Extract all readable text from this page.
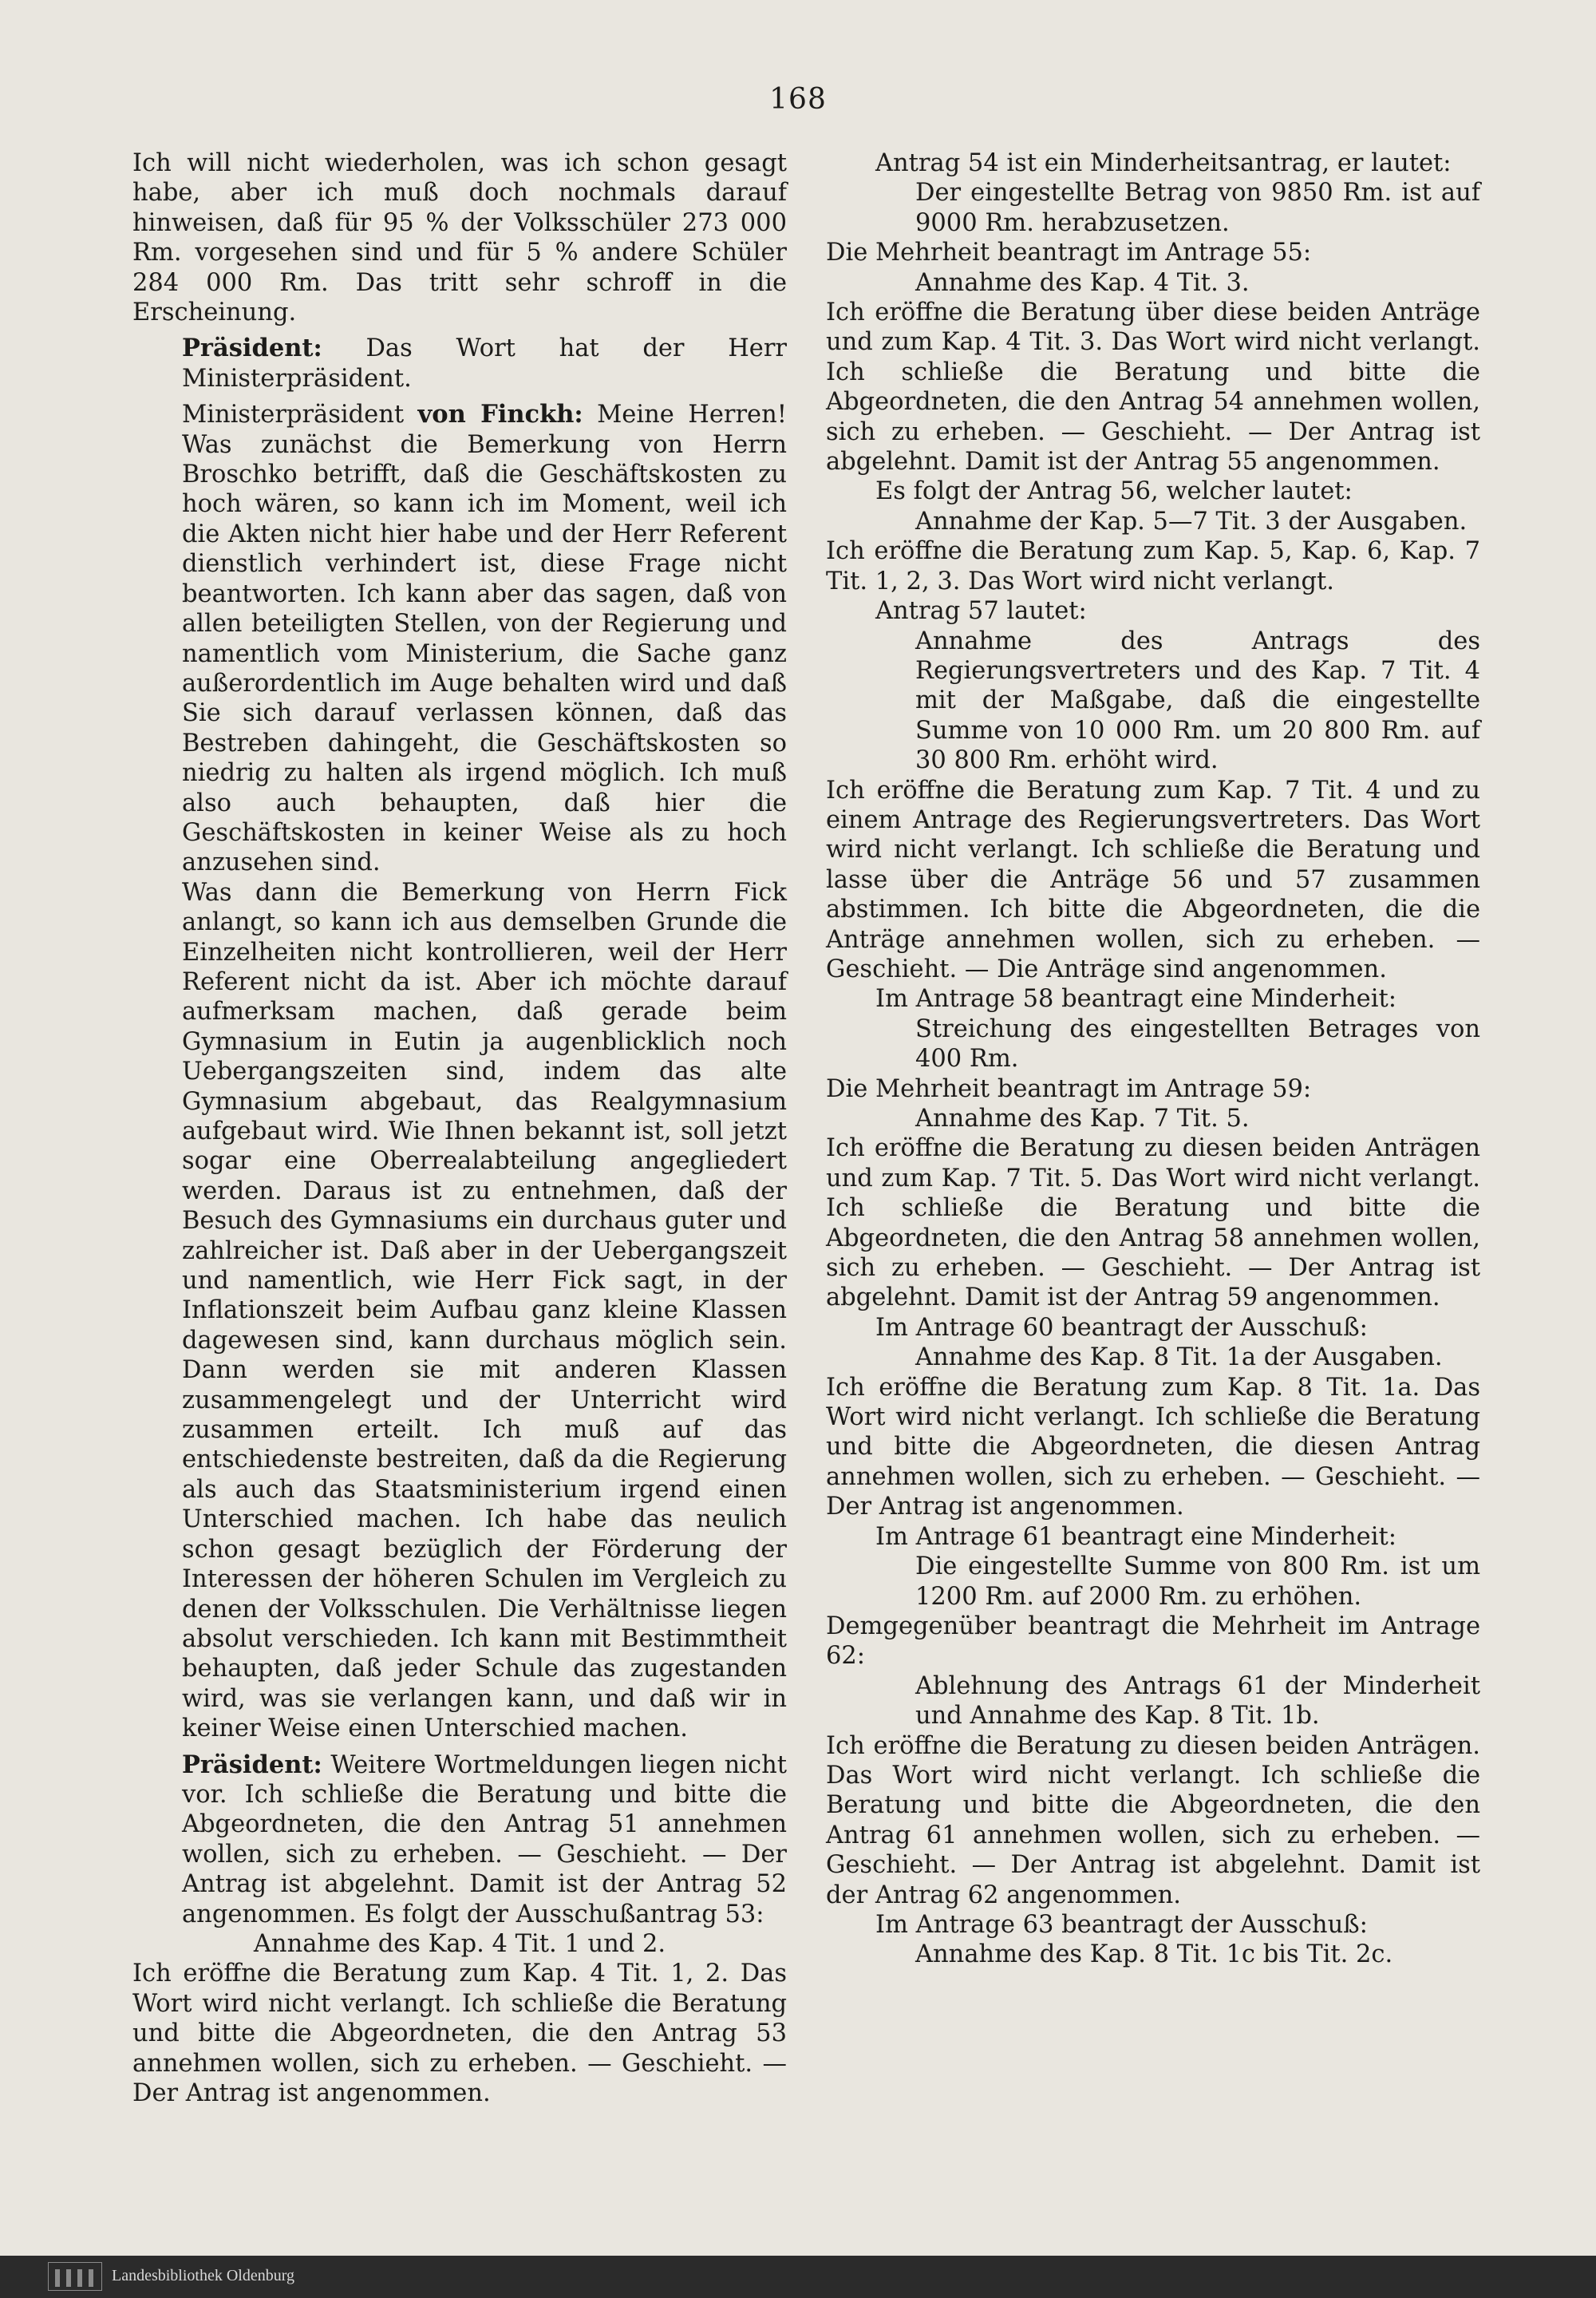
168

Ich will nicht wiederholen, was ich schon gesagt habe, aber ich muß doch nochmals darauf hinweisen, daß für 95 % der Volksschüler 273 000 Rm. vorgesehen sind und für 5 % andere Schüler 284 000 Rm. Das tritt sehr schroff in die Erscheinung.

Präsident: Das Wort hat der Herr Ministerpräsident.

Ministerpräsident von Finckh: Meine Herren! Was zunächst die Bemerkung von Herrn Broschko betrifft, daß die Geschäftskosten zu hoch wären, so kann ich im Moment, weil ich die Akten nicht hier habe und der Herr Referent dienstlich verhindert ist, diese Frage nicht beantworten. Ich kann aber das sagen, daß von allen beteiligten Stellen, von der Regierung und namentlich vom Ministerium, die Sache ganz außerordentlich im Auge behalten wird und daß Sie sich darauf verlassen können, daß das Bestreben dahingeht, die Geschäftskosten so niedrig zu halten als irgend möglich. Ich muß also auch behaupten, daß hier die Geschäftskosten in keiner Weise als zu hoch anzusehen sind.

Was dann die Bemerkung von Herrn Fick anlangt, so kann ich aus demselben Grunde die Einzelheiten nicht kontrollieren, weil der Herr Referent nicht da ist. Aber ich möchte darauf aufmerksam machen, daß gerade beim Gymnasium in Eutin ja augenblicklich noch Uebergangszeiten sind, indem das alte Gymnasium abgebaut, das Realgymnasium aufgebaut wird. Wie Ihnen bekannt ist, soll jetzt sogar eine Oberrealabteilung angegliedert werden. Daraus ist zu entnehmen, daß der Besuch des Gymnasiums ein durchaus guter und zahlreicher ist. Daß aber in der Uebergangszeit und namentlich, wie Herr Fick sagt, in der Inflationszeit beim Aufbau ganz kleine Klassen dagewesen sind, kann durchaus möglich sein. Dann werden sie mit anderen Klassen zusammengelegt und der Unterricht wird zusammen erteilt. Ich muß auf das entschiedenste bestreiten, daß da die Regierung als auch das Staatsministerium irgend einen Unterschied machen. Ich habe das neulich schon gesagt bezüglich der Förderung der Interessen der höheren Schulen im Vergleich zu denen der Volksschulen. Die Verhältnisse liegen absolut verschieden. Ich kann mit Bestimmtheit behaupten, daß jeder Schule das zugestanden wird, was sie verlangen kann, und daß wir in keiner Weise einen Unterschied machen.

Präsident: Weitere Wortmeldungen liegen nicht vor. Ich schließe die Beratung und bitte die Abgeordneten, die den Antrag 51 annehmen wollen, sich zu erheben. — Geschieht. — Der Antrag ist abgelehnt. Damit ist der Antrag 52 angenommen. Es folgt der Ausschußantrag 53:

Annahme des Kap. 4 Tit. 1 und 2.

Ich eröffne die Beratung zum Kap. 4 Tit. 1, 2. Das Wort wird nicht verlangt. Ich schließe die Beratung und bitte die Abgeordneten, die den Antrag 53 annehmen wollen, sich zu erheben. — Geschieht. — Der Antrag ist angenommen.

Antrag 54 ist ein Minderheitsantrag, er lautet:

Der eingestellte Betrag von 9850 Rm. ist auf 9000 Rm. herabzusetzen.

Die Mehrheit beantragt im Antrage 55:

Annahme des Kap. 4 Tit. 3.

Ich eröffne die Beratung über diese beiden Anträge und zum Kap. 4 Tit. 3. Das Wort wird nicht verlangt. Ich schließe die Beratung und bitte die Abgeordneten, die den Antrag 54 annehmen wollen, sich zu erheben. — Geschieht. — Der Antrag ist abgelehnt. Damit ist der Antrag 55 angenommen.

Es folgt der Antrag 56, welcher lautet:

Annahme der Kap. 5—7 Tit. 3 der Ausgaben.

Ich eröffne die Beratung zum Kap. 5, Kap. 6, Kap. 7 Tit. 1, 2, 3. Das Wort wird nicht verlangt.

Antrag 57 lautet:

Annahme des Antrags des Regierungsvertreters und des Kap. 7 Tit. 4 mit der Maßgabe, daß die eingestellte Summe von 10 000 Rm. um 20 800 Rm. auf 30 800 Rm. erhöht wird.

Ich eröffne die Beratung zum Kap. 7 Tit. 4 und zu einem Antrage des Regierungsvertreters. Das Wort wird nicht verlangt. Ich schließe die Beratung und lasse über die Anträge 56 und 57 zusammen abstimmen. Ich bitte die Abgeordneten, die die Anträge annehmen wollen, sich zu erheben. — Geschieht. — Die Anträge sind angenommen.

Im Antrage 58 beantragt eine Minderheit:

Streichung des eingestellten Betrages von 400 Rm.

Die Mehrheit beantragt im Antrage 59:

Annahme des Kap. 7 Tit. 5.

Ich eröffne die Beratung zu diesen beiden Anträgen und zum Kap. 7 Tit. 5. Das Wort wird nicht verlangt. Ich schließe die Beratung und bitte die Abgeordneten, die den Antrag 58 annehmen wollen, sich zu erheben. — Geschieht. — Der Antrag ist abgelehnt. Damit ist der Antrag 59 angenommen.

Im Antrage 60 beantragt der Ausschuß:

Annahme des Kap. 8 Tit. 1a der Ausgaben.

Ich eröffne die Beratung zum Kap. 8 Tit. 1a. Das Wort wird nicht verlangt. Ich schließe die Beratung und bitte die Abgeordneten, die diesen Antrag annehmen wollen, sich zu erheben. — Geschieht. — Der Antrag ist angenommen.

Im Antrage 61 beantragt eine Minderheit:

Die eingestellte Summe von 800 Rm. ist um 1200 Rm. auf 2000 Rm. zu erhöhen.

Demgegenüber beantragt die Mehrheit im Antrage 62:

Ablehnung des Antrags 61 der Minderheit und Annahme des Kap. 8 Tit. 1b.

Ich eröffne die Beratung zu diesen beiden Anträgen. Das Wort wird nicht verlangt. Ich schließe die Beratung und bitte die Abgeordneten, die den Antrag 61 annehmen wollen, sich zu erheben. — Geschieht. — Der Antrag ist abgelehnt. Damit ist der Antrag 62 angenommen.

Im Antrage 63 beantragt der Ausschuß:

Annahme des Kap. 8 Tit. 1c bis Tit. 2c.

Landesbibliothek Oldenburg
